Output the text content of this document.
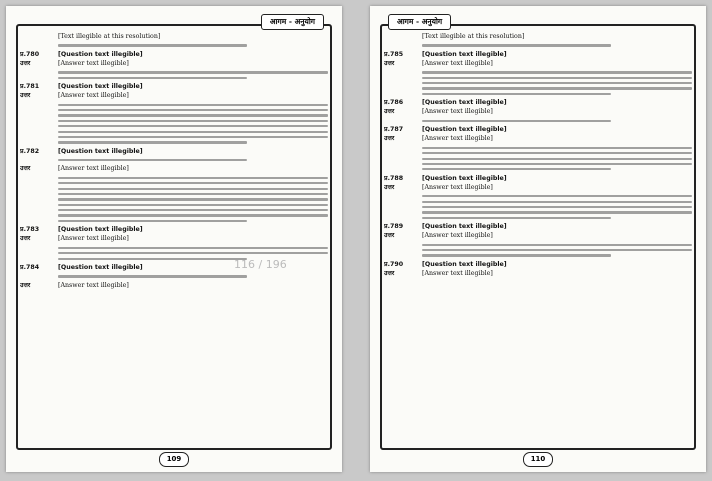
आगम - अनुयोग
[Text illegible at this resolution]
प्र.780	[Question text illegible]
उत्तर	[Answer text illegible]
प्र.781	[Question text illegible]
उत्तर	[Answer text illegible]
प्र.782	[Question text illegible]
उत्तर	[Answer text illegible]
प्र.783	[Question text illegible]
उत्तर	[Answer text illegible]
प्र.784	[Question text illegible]
उत्तर	[Answer text illegible]
109
आगम - अनुयोग
[Text illegible at this resolution]
प्र.785	[Question text illegible]
उत्तर	[Answer text illegible]
प्र.786	[Question text illegible]
उत्तर	[Answer text illegible]
प्र.787	[Question text illegible]
उत्तर	[Answer text illegible]
प्र.788	[Question text illegible]
उत्तर	[Answer text illegible]
प्र.789	[Question text illegible]
उत्तर	[Answer text illegible]
प्र.790	[Question text illegible]
उत्तर	[Answer text illegible]
110
116 / 196
